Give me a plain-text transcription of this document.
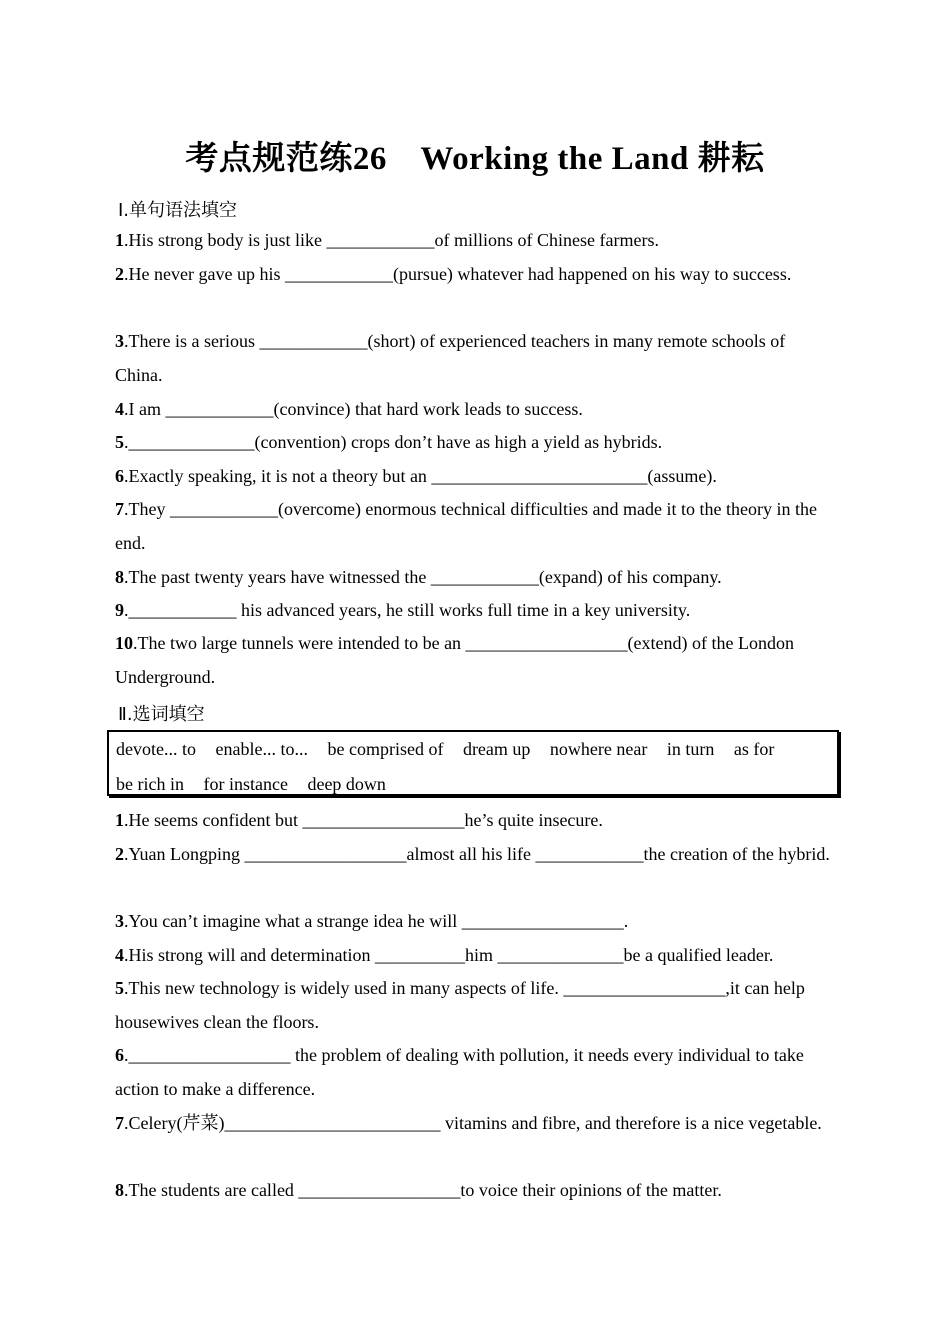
考点规范练26　Working the Land 耕耘
Ⅰ.单句语法填空
1.His strong body is just like ____________of millions of Chinese farmers.
2.He never gave up his ____________(pursue) whatever had happened on his way to success.
3.There is a serious ____________(short) of experienced teachers in many remote schools of China.
4.I am ____________(convince) that hard work leads to success.
5.______________(convention) crops don’t have as high a yield as hybrids.
6.Exactly speaking, it is not a theory but an ________________________(assume).
7.They ____________(overcome) enormous technical difficulties and made it to the theory in the end.
8.The past twenty years have witnessed the ____________(expand) of his company.
9.____________ his advanced years, he still works full time in a key university.
10.The two large tunnels were intended to be an __________________(extend) of the London Underground.
Ⅱ.选词填空
devote... to enable... to... be comprised of dream up nowhere near in turn as for
be rich in for instance deep down
1.He seems confident but __________________he’s quite insecure.
2.Yuan Longping __________________almost all his life ____________the creation of the hybrid.
3.You can’t imagine what a strange idea he will __________________.
4.His strong will and determination __________him ______________be a qualified leader.
5.This new technology is widely used in many aspects of life. __________________,it can help housewives clean the floors.
6.__________________ the problem of dealing with pollution, it needs every individual to take action to make a difference.
7.Celery(芹菜)________________________ vitamins and fibre, and therefore is a nice vegetable.
8.The students are called __________________to voice their opinions of the matter.
